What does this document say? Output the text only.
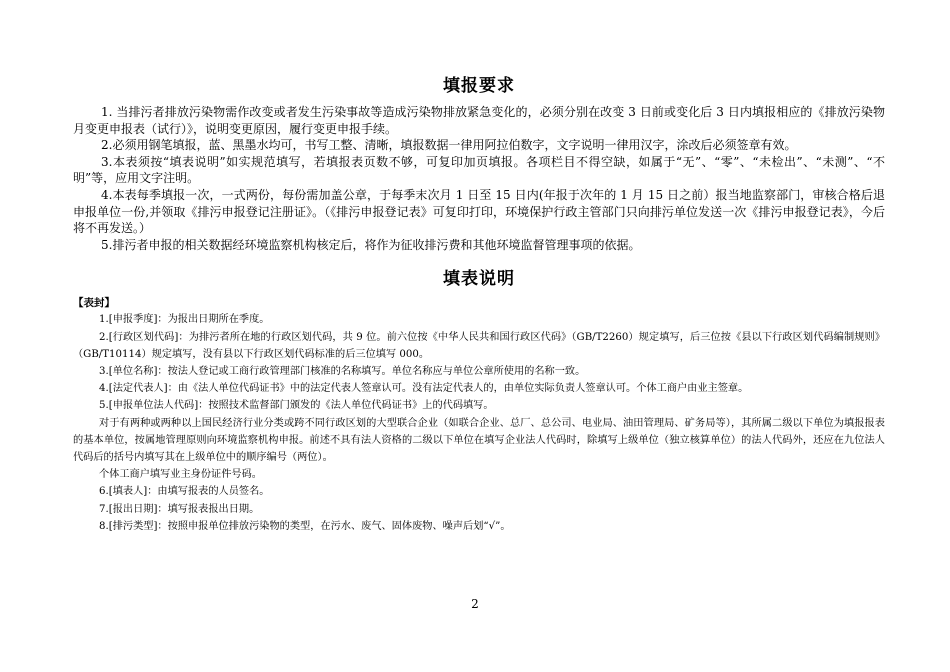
填报要求

1. 当排污者排放污染物需作改变或者发生污染事故等造成污染物排放紧急变化的，必须分别在改变 3 日前或变化后 3 日内填报相应的《排放污染物月变更申报表（试行）》，说明变更原因，履行变更申报手续。

2.必须用钢笔填报，蓝、黑墨水均可，书写工整、清晰，填报数据一律用阿拉伯数字，文字说明一律用汉字，涂改后必须签章有效。

3.本表须按“填表说明”如实规范填写，若填报表页数不够，可复印加页填报。各项栏目不得空缺，如属于“无”、“零”、“未检出”、“未测”、“不明”等，应用文字注明。

4.本表每季填报一次，一式两份，每份需加盖公章，于每季末次月 1 日至 15 日内(年报于次年的 1 月 15 日之前）报当地监察部门，审核合格后退申报单位一份,并领取《排污申报登记注册证》。（《排污申报登记表》可复印打印，环境保护行政主管部门只向排污单位发送一次《排污申报登记表》，今后将不再发送。）

5.排污者申报的相关数据经环境监察机构核定后，将作为征收排污费和其他环境监督管理事项的依据。

填表说明

【表封】

1.[申报季度]：为报出日期所在季度。

2.[行政区划代码]：为排污者所在地的行政区划代码，共 9 位。前六位按《中华人民共和国行政区代码》（GB/T2260）规定填写，后三位按《县以下行政区划代码编制规则》（GB/T10114）规定填写，没有县以下行政区划代码标准的后三位填写 000。

3.[单位名称]：按法人登记或工商行政管理部门核准的名称填写。单位名称应与单位公章所使用的名称一致。

4.[法定代表人]：由《法人单位代码证书》中的法定代表人签章认可。没有法定代表人的，由单位实际负责人签章认可。个体工商户由业主签章。

5.[申报单位法人代码]：按照技术监督部门颁发的《法人单位代码证书》上的代码填写。

对于有两种或两种以上国民经济行业分类或跨不同行政区划的大型联合企业（如联合企业、总厂、总公司、电业局、油田管理局、矿务局等），其所属二级以下单位为填报报表的基本单位，按属地管理原则向环境监察机构申报。前述不具有法人资格的二级以下单位在填写企业法人代码时，除填写上级单位（独立核算单位）的法人代码外，还应在九位法人代码后的括号内填写其在上级单位中的顺序编号（两位）。

个体工商户填写业主身份证件号码。

6.[填表人]：由填写报表的人员签名。

7.[报出日期]：填写报表报出日期。

8.[排污类型]：按照申报单位排放污染物的类型，在污水、废气、固体废物、噪声后划“√”。

2
